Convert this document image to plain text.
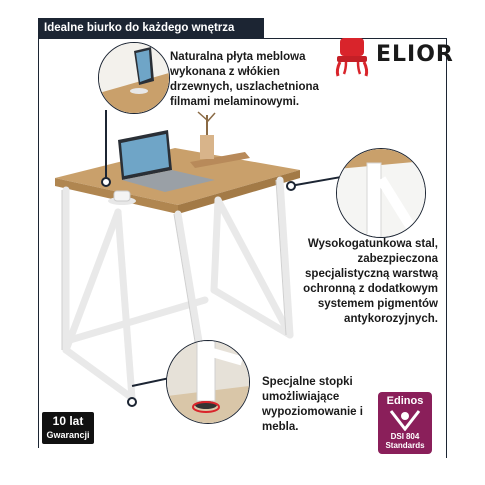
Idealne biurko do każdego wnętrza
Naturalna płyta meblowa wykonana z włókien drzewnych, uszlachetniona filmami melaminowymi.
Wysokogatunkowa stal, zabezpieczona specjalistyczną warstwą ochronną z dodatkowym systemem pigmentów antykorozyjnych.
Specjalne stopki umożliwiające wypoziomowanie i mebla.
ELIOR
10 lat
Gwarancji
Edinos
DSI 804
Standards
